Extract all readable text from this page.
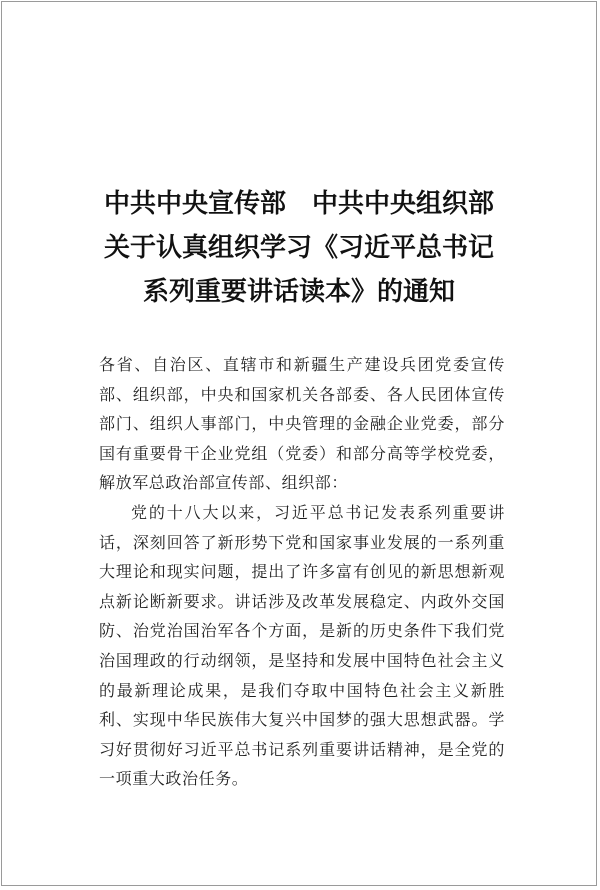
中共中央宣传部　中共中央组织部
关于认真组织学习《习近平总书记
系列重要讲话读本》的通知

各省、自治区、直辖市和新疆生产建设兵团党委宣传部、组织部，中央和国家机关各部委、各人民团体宣传部门、组织人事部门，中央管理的金融企业党委，部分国有重要骨干企业党组（党委）和部分高等学校党委，解放军总政治部宣传部、组织部：

党的十八大以来，习近平总书记发表系列重要讲话，深刻回答了新形势下党和国家事业发展的一系列重大理论和现实问题，提出了许多富有创见的新思想新观点新论断新要求。讲话涉及改革发展稳定、内政外交国防、治党治国治军各个方面，是新的历史条件下我们党治国理政的行动纲领，是坚持和发展中国特色社会主义的最新理论成果，是我们夺取中国特色社会主义新胜利、实现中华民族伟大复兴中国梦的强大思想武器。学习好贯彻好习近平总书记系列重要讲话精神，是全党的一项重大政治任务。
